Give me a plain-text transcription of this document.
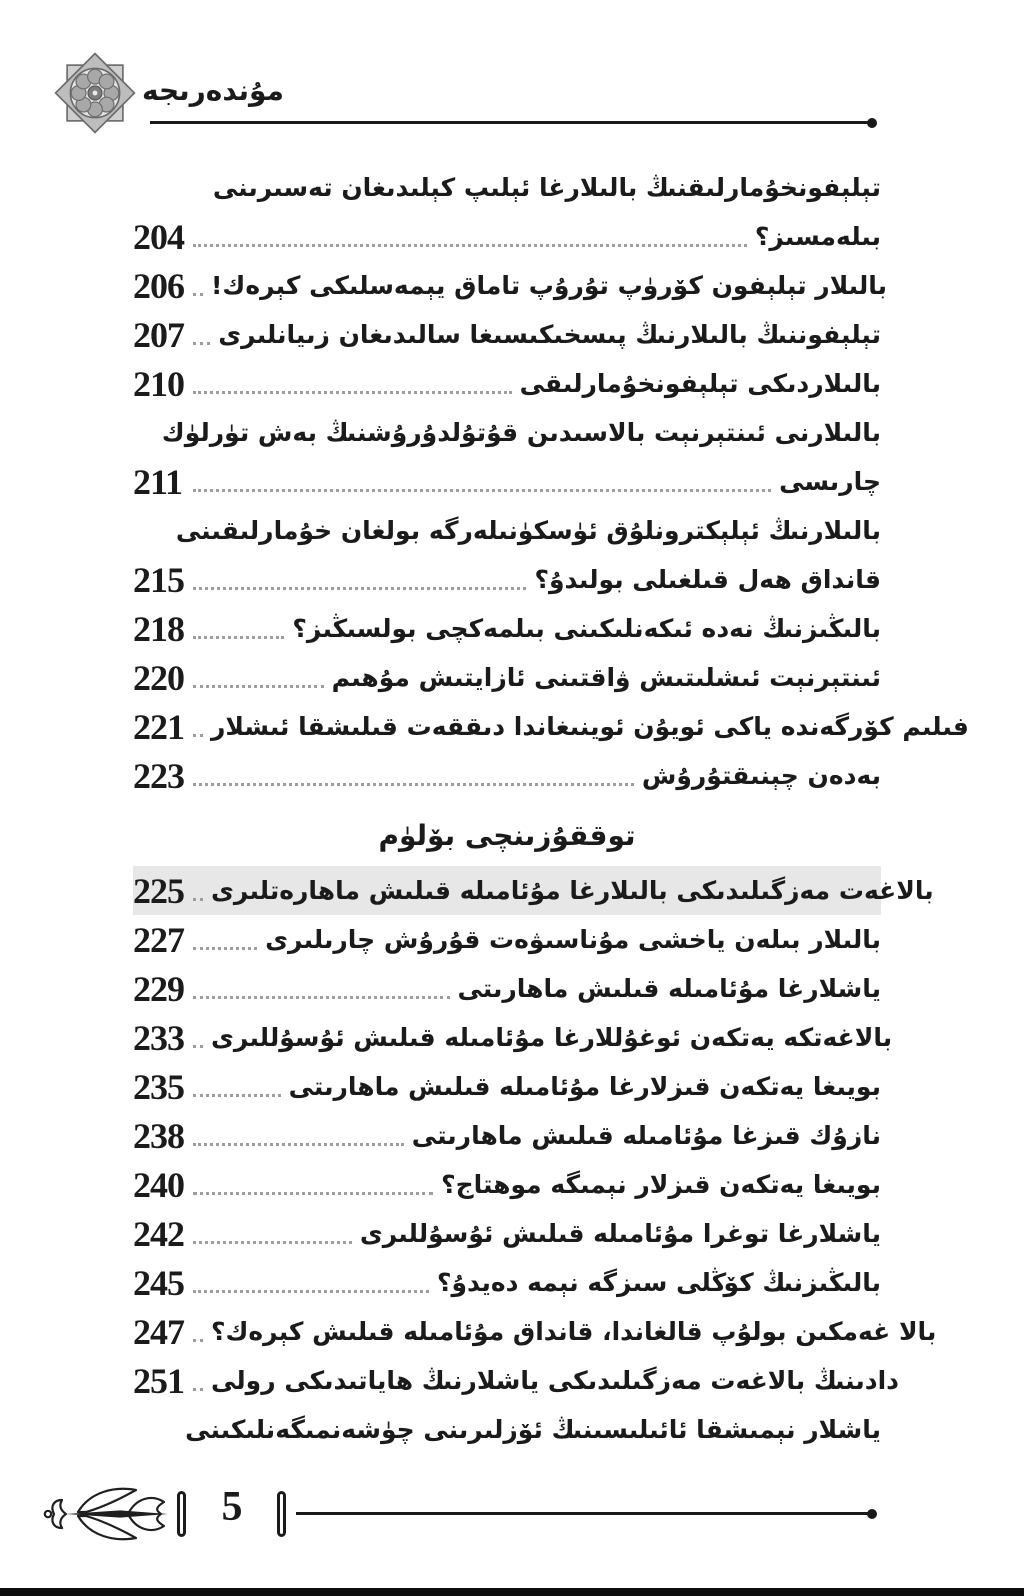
مۇندەرىجە
تېلېفونخۇمارلىقنىڭ بالىلارغا ئېلىپ كېلىدىغان تەسىرىنى
204	بىلەمسىز؟
206 بالىلار تېلېفون كۆرۈپ تۇرۇپ تاماق يېمەسلىكى كېرەك!
207 تېلېفوننىڭ بالىلارنىڭ پىسخىكىسىغا سالىدىغان زىيانلىرى
210	بالىلاردىكى تېلېفونخۇمارلىقى
بالىلارنى ئىنتېرنېت بالاسىدىن قۇتۇلدۇرۇشنىڭ بەش تۈرلۈك
211	چارىسى
بالىلارنىڭ ئېلېكترونلۇق ئۈسكۈنىلەرگە بولغان خۇمارلىقىنى
215	قانداق ھەل قىلغىلى بولىدۇ؟
218	بالىڭىزنىڭ نەدە ئىكەنلىكىنى بىلمەكچى بولسىڭىز؟
220	ئىنتېرنېت ئىشلىتىش ۋاقتىنى ئازايتىش مۇھىم
221 فىلىم كۆرگەندە ياكى ئويۇن ئوينىغاندا دىققەت قىلىشقا ئىشلار
223	بەدەن چېنىقتۇرۇش
توققۇزىنچى بۆلۈم
225 بالاغەت مەزگىلىدىكى بالىلارغا مۇئامىلە قىلىش ماھارەتلىرى
227	بالىلار بىلەن ياخشى مۇناسىۋەت قۇرۇش چارىلىرى
229	ياشلارغا مۇئامىلە قىلىش ماھارىتى
233 بالاغەتكە يەتكەن ئوغۇللارغا مۇئامىلە قىلىش ئۇسۇللىرى
235	بويىغا يەتكەن قىزلارغا مۇئامىلە قىلىش ماھارىتى
238	نازۇك قىزغا مۇئامىلە قىلىش ماھارىتى
240	بويىغا يەتكەن قىزلار نېمىگە موھتاج؟
242	ياشلارغا توغرا مۇئامىلە قىلىش ئۇسۇللىرى
245	بالىڭىزنىڭ كۆڭلى سىزگە نېمە دەيدۇ؟
247 بالا غەمكىن بولۇپ قالغاندا، قانداق مۇئامىلە قىلىش كېرەك؟
251 دادىنىڭ بالاغەت مەزگىلىدىكى ياشلارنىڭ ھاياتىدىكى رولى
ياشلار نېمىشقا ئائىلىسىنىڭ ئۆزلىرىنى چۈشەنمىگەنلىكىنى
5
